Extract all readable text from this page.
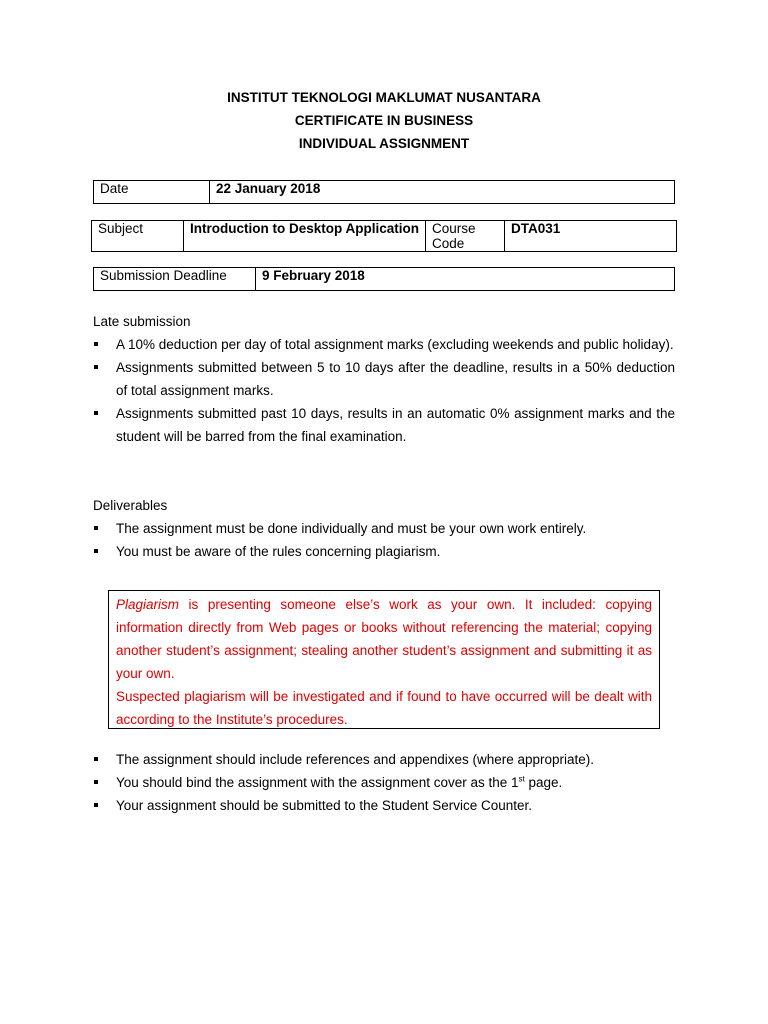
INSTITUT TEKNOLOGI MAKLUMAT NUSANTARA
CERTIFICATE IN BUSINESS
INDIVIDUAL ASSIGNMENT
Date	22 January 2018
Subject	Introduction to Desktop Application	Course Code	DTA031
Submission Deadline	9 February 2018

Late submission

A 10% deduction per day of total assignment marks (excluding weekends and public holiday).
Assignments submitted between 5 to 10 days after the deadline, results in a 50% deduction of total assignment marks.
Assignments submitted past 10 days, results in an automatic 0% assignment marks and the student will be barred from the final examination.

Deliverables

The assignment must be done individually and must be your own work entirely.
You must be aware of the rules concerning plagiarism.

Plagiarism is presenting someone else’s work as your own. It included: copying information directly from Web pages or books without referencing the material; copying another student’s assignment; stealing another student’s assignment and submitting it as your own.

Suspected plagiarism will be investigated and if found to have occurred will be dealt with according to the Institute’s procedures.

The assignment should include references and appendixes (where appropriate).
You should bind the assignment with the assignment cover as the 1st page.
Your assignment should be submitted to the Student Service Counter.
